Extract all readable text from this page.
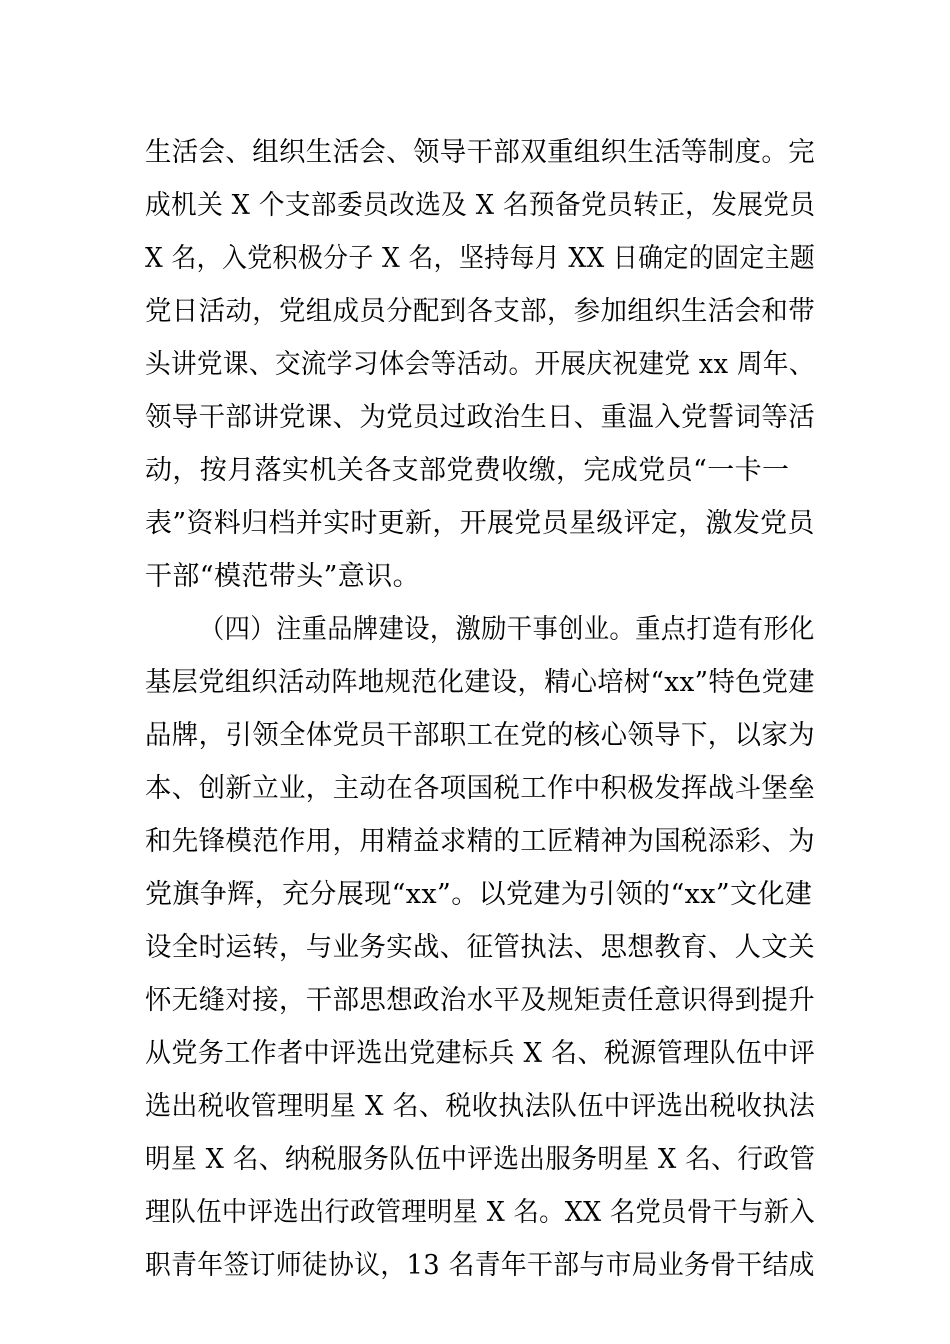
生活会、组织生活会、领导干部双重组织生活等制度。完
成机关 X 个支部委员改选及 X 名预备党员转正，发展党员
X 名，入党积极分子 X 名，坚持每月 XX 日确定的固定主题
党日活动，党组成员分配到各支部，参加组织生活会和带
头讲党课、交流学习体会等活动。开展庆祝建党 xx 周年、
领导干部讲党课、为党员过政治生日、重温入党誓词等活
动，按月落实机关各支部党费收缴，完成党员“一卡一
表”资料归档并实时更新，开展党员星级评定，激发党员
干部“模范带头”意识。
（四）注重品牌建设，激励干事创业。重点打造有形化
基层党组织活动阵地规范化建设，精心培树“xx”特色党建
品牌，引领全体党员干部职工在党的核心领导下，以家为
本、创新立业，主动在各项国税工作中积极发挥战斗堡垒
和先锋模范作用，用精益求精的工匠精神为国税添彩、为
党旗争辉，充分展现“xx”。以党建为引领的“xx”文化建
设全时运转，与业务实战、征管执法、思想教育、人文关
怀无缝对接，干部思想政治水平及规矩责任意识得到提升
从党务工作者中评选出党建标兵 X 名、税源管理队伍中评
选出税收管理明星 X 名、税收执法队伍中评选出税收执法
明星 X 名、纳税服务队伍中评选出服务明星 X 名、行政管
理队伍中评选出行政管理明星 X 名。XX 名党员骨干与新入
职青年签订师徒协议，13 名青年干部与市局业务骨干结成
